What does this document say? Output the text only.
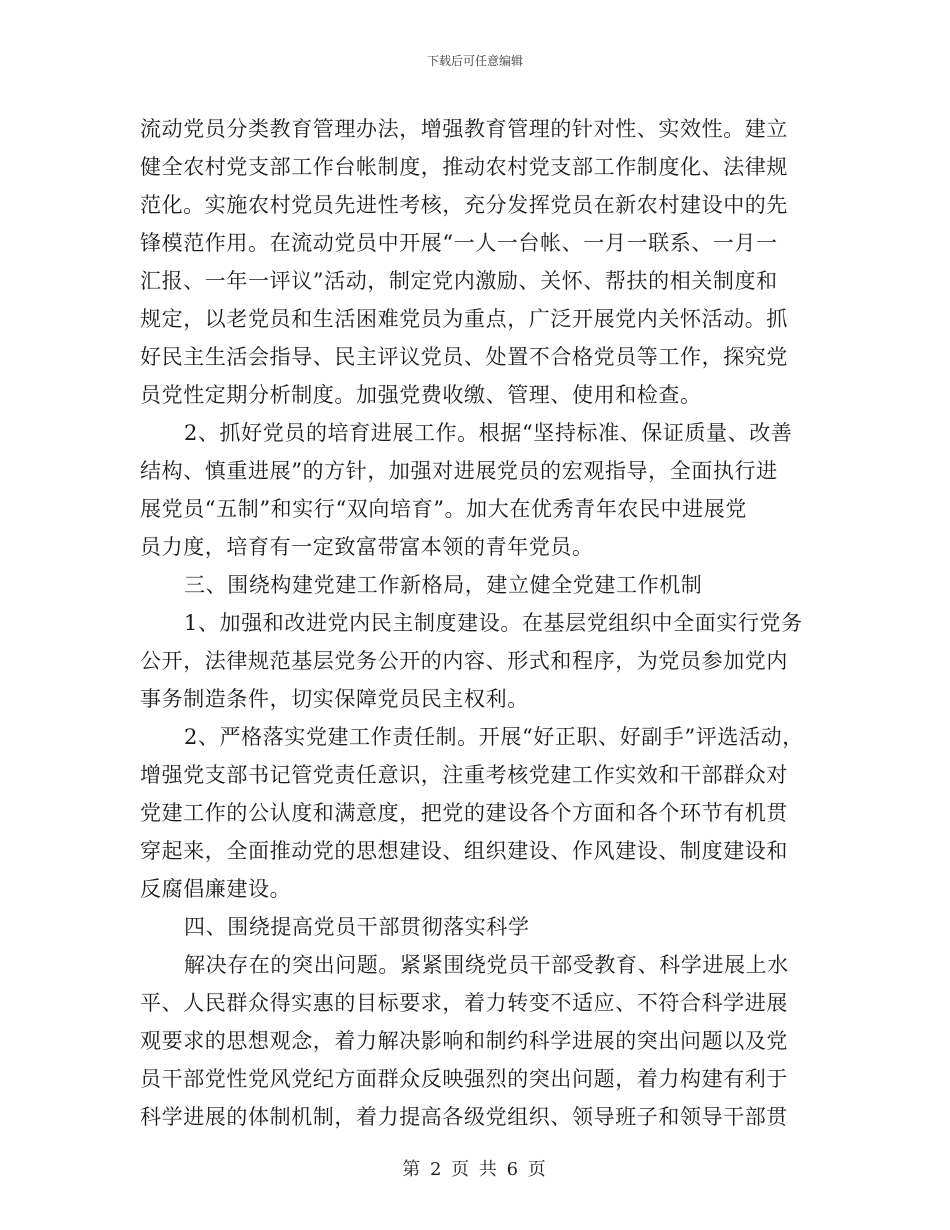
下载后可任意编辑
流动党员分类教育管理办法，增强教育管理的针对性、实效性。建立
健全农村党支部工作台帐制度，推动农村党支部工作制度化、法律规
范化。实施农村党员先进性考核，充分发挥党员在新农村建设中的先
锋模范作用。在流动党员中开展“一人一台帐、一月一联系、一月一
汇报、一年一评议”活动，制定党内激励、关怀、帮扶的相关制度和
规定，以老党员和生活困难党员为重点，广泛开展党内关怀活动。抓
好民主生活会指导、民主评议党员、处置不合格党员等工作，探究党
员党性定期分析制度。加强党费收缴、管理、使用和检查。
2、抓好党员的培育进展工作。根据“坚持标准、保证质量、改善
结构、慎重进展”的方针，加强对进展党员的宏观指导，全面执行进
展党员“五制”和实行“双向培育”。加大在优秀青年农民中进展党
员力度，培育有一定致富带富本领的青年党员。
三、围绕构建党建工作新格局，建立健全党建工作机制
1、加强和改进党内民主制度建设。在基层党组织中全面实行党务
公开，法律规范基层党务公开的内容、形式和程序，为党员参加党内
事务制造条件，切实保障党员民主权利。
2、严格落实党建工作责任制。开展“好正职、好副手”评选活动，
增强党支部书记管党责任意识，注重考核党建工作实效和干部群众对
党建工作的公认度和满意度，把党的建设各个方面和各个环节有机贯
穿起来，全面推动党的思想建设、组织建设、作风建设、制度建设和
反腐倡廉建设。
四、围绕提高党员干部贯彻落实科学
解决存在的突出问题。紧紧围绕党员干部受教育、科学进展上水
平、人民群众得实惠的目标要求，着力转变不适应、不符合科学进展
观要求的思想观念，着力解决影响和制约科学进展的突出问题以及党
员干部党性党风党纪方面群众反映强烈的突出问题，着力构建有利于
科学进展的体制机制，着力提高各级党组织、领导班子和领导干部贯
第 2 页 共 6 页
